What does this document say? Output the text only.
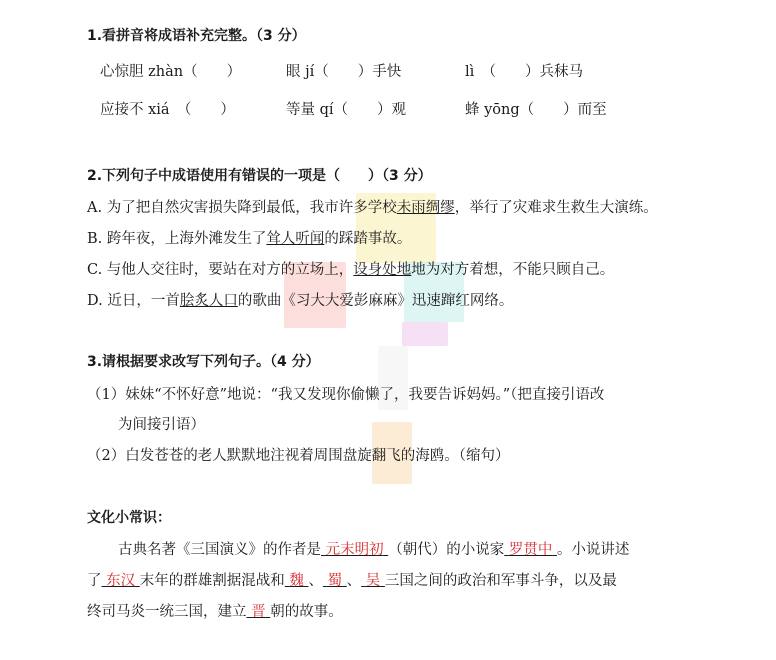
1.看拼音将成语补充完整。（3 分）
心惊胆 zhàn（　　）	眼 jí（　　）手快	lì　（　　）兵秣马
应接不 xiá　（　　）	等量 qí（　　）观	蜂 yōng（　　）而至
2.下列句子中成语使用有错误的一项是（　　）（3 分）
A. 为了把自然灾害损失降到最低，我市许多学校未雨绸缪，举行了灾难求生救生大演练。
B. 跨年夜，上海外滩发生了耸人听闻的踩踏事故。
C. 与他人交往时，要站在对方的立场上，设身处地地为对方着想，不能只顾自己。
D. 近日，一首脍炙人口的歌曲《习大大爱彭麻麻》迅速蹿红网络。
3.请根据要求改写下列句子。（4 分）
（1）妹妹“不怀好意”地说：“我又发现你偷懒了，我要告诉妈妈。”（把直接引语改
为间接引语）
（2）白发苍苍的老人默默地注视着周围盘旋翻飞的海鸥。（缩句）
文化小常识：
古典名著《三国演义》的作者是 元末明初 （朝代）的小说家 罗贯中 。小说讲述
了 东汉 末年的群雄割据混战和 魏 、 蜀 、 吴 三国之间的政治和军事斗争，以及最
终司马炎一统三国，建立 晋 朝的故事。
